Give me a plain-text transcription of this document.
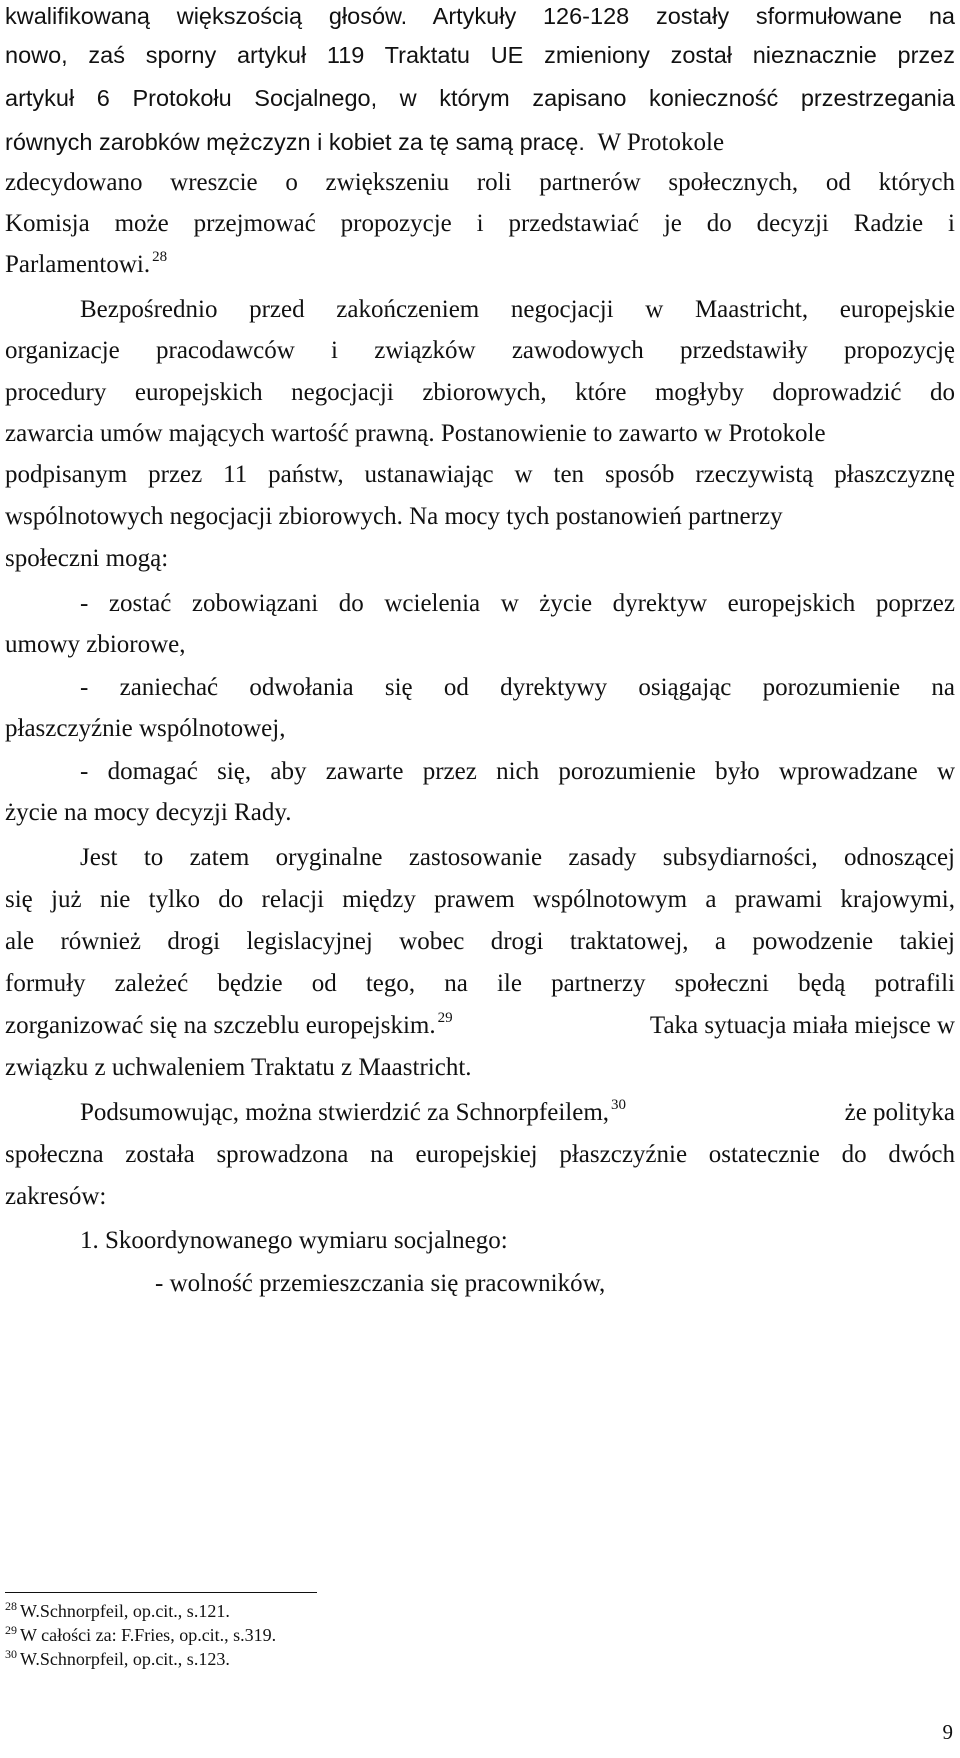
kwalifikowaną większością głosów. Artykuły 126-128 zostały sformułowane na
nowo, zaś sporny artykuł 119 Traktatu UE zmieniony został nieznacznie przez
artykuł 6 Protokołu Socjalnego, w którym zapisano konieczność przestrzegania
równych zarobków mężczyzn i kobiet za tę samą pracę. W Protokole
zdecydowano wreszcie o zwiększeniu roli partnerów społecznych, od których
Komisja może przejmować propozycje i przedstawiać je do decyzji Radzie i
Parlamentowi. $^{28}$
Bezpośrednio przed zakończeniem negocjacji w Maastricht, europejskie
organizacje pracodawców i związków zawodowych przedstawiły propozycję
procedury europejskich negocjacji zbiorowych, które mogłyby doprowadzić do
zawarcia umów mających wartość prawną. Postanowienie to zawarto w Protokole
podpisanym przez 11 państw, ustanawiając w ten sposób rzeczywistą płaszczyznę
wspólnotowych negocjacji zbiorowych. Na mocy tych postanowień partnerzy
społeczni mogą:
- zostać zobowiązani do wcielenia w życie dyrektyw europejskich poprzez
umowy zbiorowe,
- zaniechać odwołania się od dyrektywy osiągając porozumienie na
płaszczyźnie wspólnotowej,
- domagać się, aby zawarte przez nich porozumienie było wprowadzane w
życie na mocy decyzji Rady.
Jest to zatem oryginalne zastosowanie zasady subsydiarności, odnoszącej
się już nie tylko do relacji między prawem wspólnotowym a prawami krajowymi,
ale również drogi legislacyjnej wobec drogi traktatowej, a powodzenie takiej
formuły zależeć będzie od tego, na ile partnerzy społeczni będą potrafili
zorganizować się na szczeblu europejskim. $^{29}$	Taka sytuacja miała miejsce w
związku z uchwaleniem Traktatu z Maastricht.
Podsumowując, można stwierdzić za Schnorpfeilem, $^{30}$	że polityka
społeczna została sprowadzona na europejskiej płaszczyźnie ostatecznie do dwóch
zakresów:
1. Skoordynowanego wymiaru socjalnego:
- wolność przemieszczania się pracowników,
$^{28}$ W.Schnorpfeil, op.cit., s.121.
$^{29}$ W całości za: F.Fries, op.cit., s.319.
$^{30}$ W.Schnorpfeil, op.cit., s.123.
9
